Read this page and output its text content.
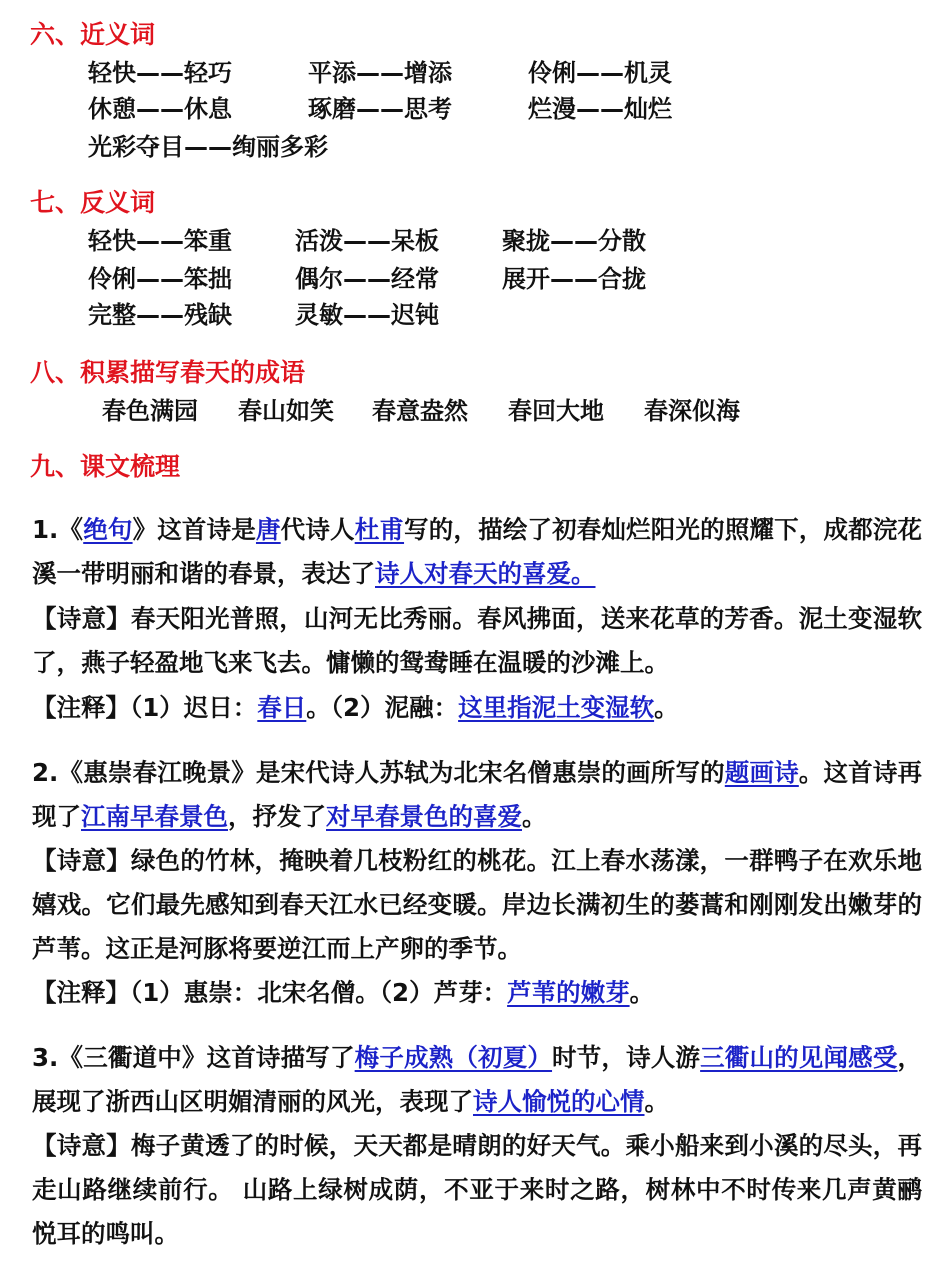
六、近义词
轻快——轻巧	平添——增添	伶俐——机灵
休憩——休息	琢磨——思考	烂漫——灿烂
光彩夺目——绚丽多彩
七、反义词
轻快——笨重	活泼——呆板	聚拢——分散
伶俐——笨拙	偶尔——经常	展开——合拢
完整——残缺	灵敏——迟钝
八、积累描写春天的成语
春色满园	春山如笑	春意盎然	春回大地	春深似海
九、课文梳理

1.《绝句》这首诗是唐代诗人杜甫写的，描绘了初春灿烂阳光的照耀下，成都浣花溪一带明丽和谐的春景，表达了诗人对春天的喜爱。

【诗意】春天阳光普照，山河无比秀丽。春风拂面，送来花草的芳香。泥土变湿软了，燕子轻盈地飞来飞去。慵懒的鸳鸯睡在温暖的沙滩上。

【注释】（1）迟日：春日。（2）泥融：这里指泥土变湿软。

2.《惠崇春江晚景》是宋代诗人苏轼为北宋名僧惠崇的画所写的题画诗。这首诗再现了江南早春景色，抒发了对早春景色的喜爱。

【诗意】绿色的竹林，掩映着几枝粉红的桃花。江上春水荡漾，一群鸭子在欢乐地嬉戏。它们最先感知到春天江水已经变暖。岸边长满初生的蒌蒿和刚刚发出嫩芽的芦苇。这正是河豚将要逆江而上产卵的季节。

【注释】（1）惠崇：北宋名僧。（2）芦芽：芦苇的嫩芽。

3.《三衢道中》这首诗描写了梅子成熟（初夏）时节，诗人游三衢山的见闻感受，展现了浙西山区明媚清丽的风光，表现了诗人愉悦的心情。

【诗意】梅子黄透了的时候，天天都是晴朗的好天气。乘小船来到小溪的尽头，再走山路继续前行。 山路上绿树成荫，不亚于来时之路，树林中不时传来几声黄鹂悦耳的鸣叫。
